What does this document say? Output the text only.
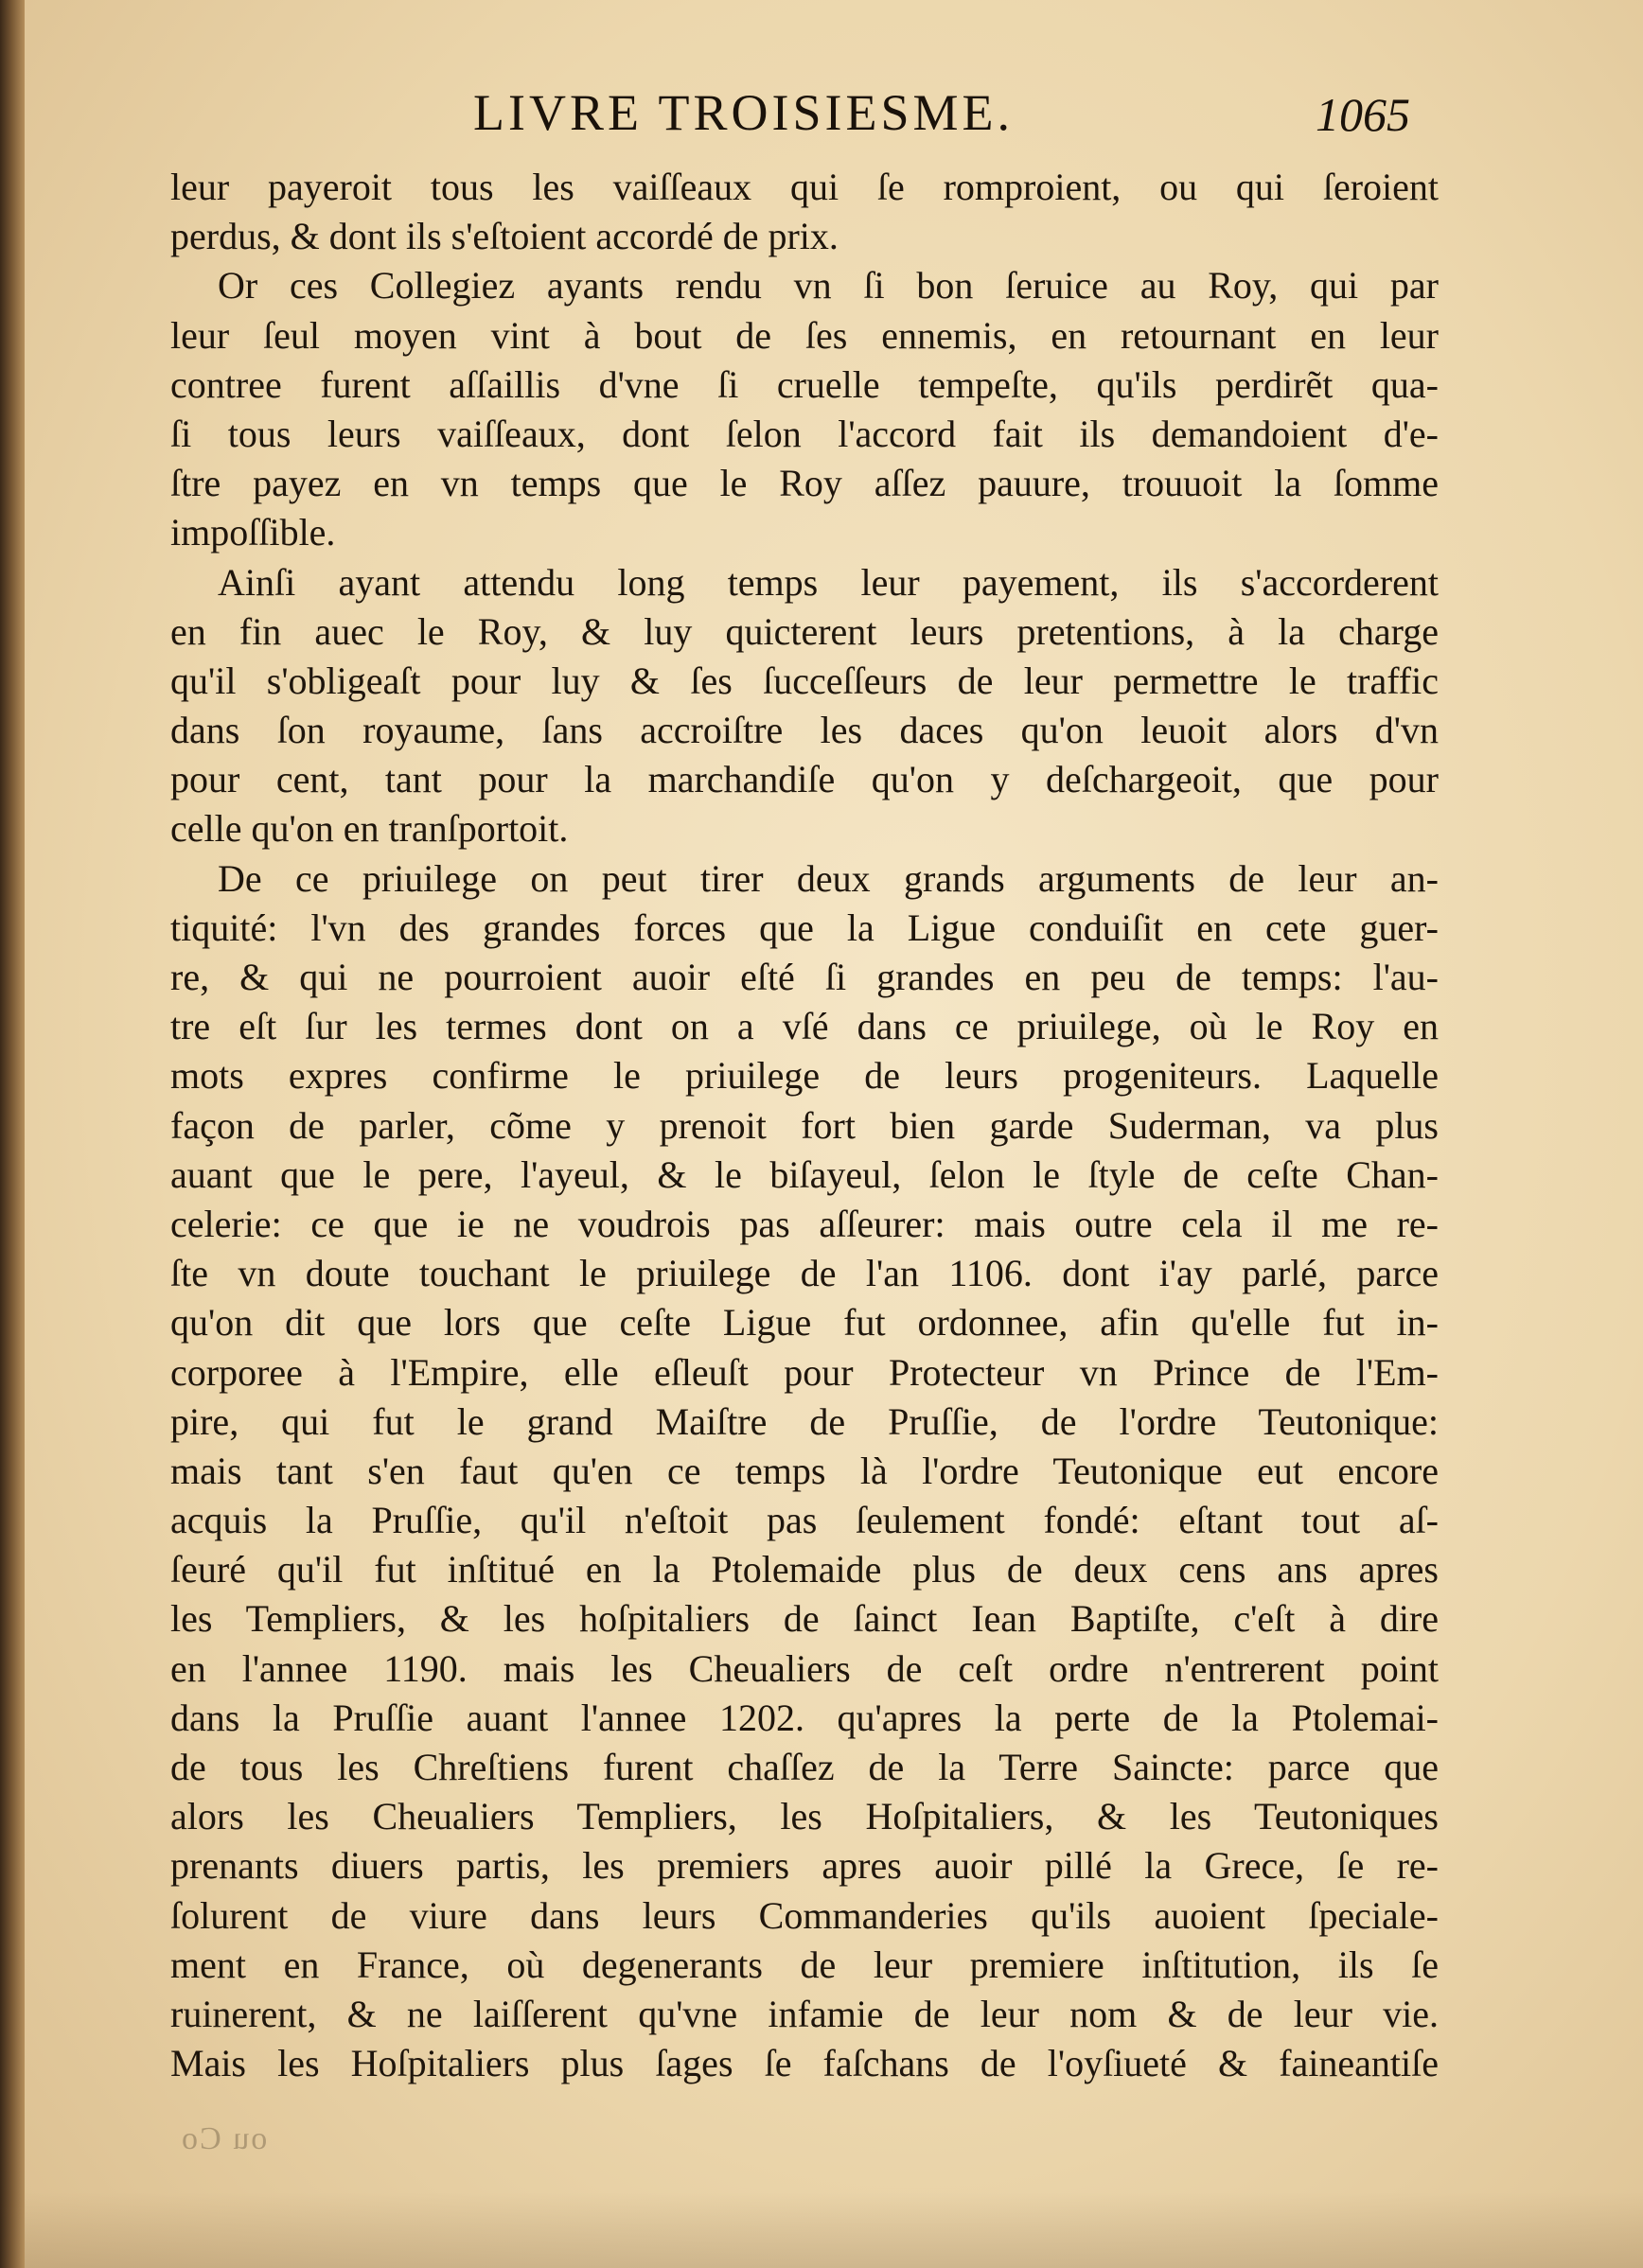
LIVRE TROISIESME.	1065
leur payeroit tous les vaiſſeaux qui ſe romproient, ou qui ſeroient
perdus, & dont ils s'eſtoient accordé de prix.
Or ces Collegiez ayants rendu vn ſi bon ſeruice au Roy, qui par
leur ſeul moyen vint à bout de ſes ennemis, en retournant en leur
contree furent aſſaillis d'vne ſi cruelle tempeſte, qu'ils perdirẽt qua-
ſi tous leurs vaiſſeaux, dont ſelon l'accord fait ils demandoient d'e-
ſtre payez en vn temps que le Roy aſſez pauure, trouuoit la ſomme
impoſſible.
Ainſi ayant attendu long temps leur payement, ils s'accorderent
en fin auec le Roy, & luy quicterent leurs pretentions, à la charge
qu'il s'obligeaſt pour luy & ſes ſucceſſeurs de leur permettre le traffic
dans ſon royaume, ſans accroiſtre les daces qu'on leuoit alors d'vn
pour cent, tant pour la marchandiſe qu'on y deſchargeoit, que pour
celle qu'on en tranſportoit.
De ce priuilege on peut tirer deux grands arguments de leur an-
tiquité: l'vn des grandes forces que la Ligue conduiſit en cete guer-
re, & qui ne pourroient auoir eſté ſi grandes en peu de temps: l'au-
tre eſt ſur les termes dont on a vſé dans ce priuilege, où le Roy en
mots expres confirme le priuilege de leurs progeniteurs. Laquelle
façon de parler, cõme y prenoit fort bien garde Suderman, va plus
auant que le pere, l'ayeul, & le biſayeul, ſelon le ſtyle de ceſte Chan-
celerie: ce que ie ne voudrois pas aſſeurer: mais outre cela il me re-
ſte vn doute touchant le priuilege de l'an 1106. dont i'ay parlé, parce
qu'on dit que lors que ceſte Ligue fut ordonnee, afin qu'elle fut in-
corporee à l'Empire, elle eſleuſt pour Protecteur vn Prince de l'Em-
pire, qui fut le grand Maiſtre de Pruſſie, de l'ordre Teutonique:
mais tant s'en faut qu'en ce temps là l'ordre Teutonique eut encore
acquis la Pruſſie, qu'il n'eſtoit pas ſeulement fondé: eſtant tout aſ-
ſeuré qu'il fut inſtitué en la Ptolemaide plus de deux cens ans apres
les Templiers, & les hoſpitaliers de ſainct Iean Baptiſte, c'eſt à dire
en l'annee 1190. mais les Cheualiers de ceſt ordre n'entrerent point
dans la Pruſſie auant l'annee 1202. qu'apres la perte de la Ptolemai-
de tous les Chreſtiens furent chaſſez de la Terre Saincte: parce que
alors les Cheualiers Templiers, les Hoſpitaliers, & les Teutoniques
prenants diuers partis, les premiers apres auoir pillé la Grece, ſe re-
ſolurent de viure dans leurs Commanderies qu'ils auoient ſpeciale-
ment en France, où degenerants de leur premiere inſtitution, ils ſe
ruinerent, & ne laiſſerent qu'vne infamie de leur nom & de leur vie.
Mais les Hoſpitaliers plus ſages ſe faſchans de l'oyſiueté & faineantiſe
ou Co
